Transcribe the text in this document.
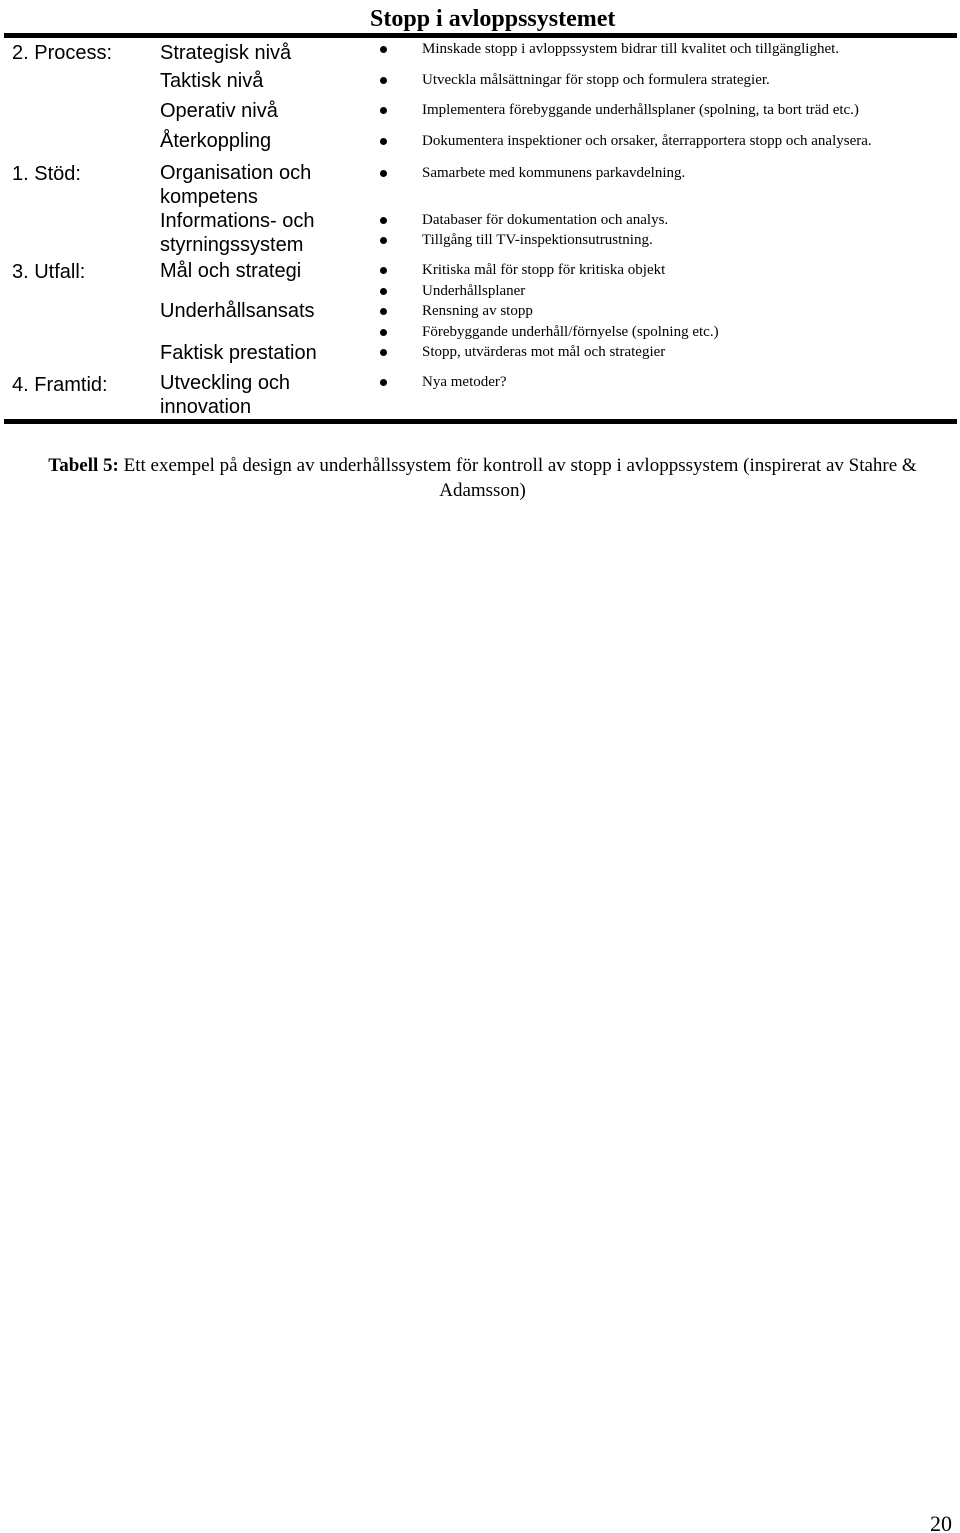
Stopp i avloppssystemet
2. Process:
1. Stöd:
3. Utfall:
4. Framtid:
Strategisk nivå
Taktisk nivå
Operativ nivå
Återkoppling
Organisation och
kompetens
Informations- och
styrningssystem
Mål och strategi
Underhållsansats
Faktisk prestation
Utveckling och
innovation
Minskade stopp i avloppssystem bidrar till kvalitet och tillgänglighet.
Utveckla målsättningar för stopp och formulera strategier.
Implementera förebyggande underhållsplaner (spolning, ta bort träd etc.)
Dokumentera inspektioner och orsaker, återrapportera stopp och analysera.
Samarbete med kommunens parkavdelning.
Databaser för dokumentation och analys.
Tillgång till TV-inspektionsutrustning.
Kritiska mål för stopp för kritiska objekt
Underhållsplaner
Rensning av stopp
Förebyggande underhåll/förnyelse (spolning etc.)
Stopp, utvärderas mot mål och strategier
Nya metoder?
Tabell 5: Ett exempel på design av underhållssystem för kontroll av stopp i avloppssystem (inspirerat av Stahre & Adamsson)
20
